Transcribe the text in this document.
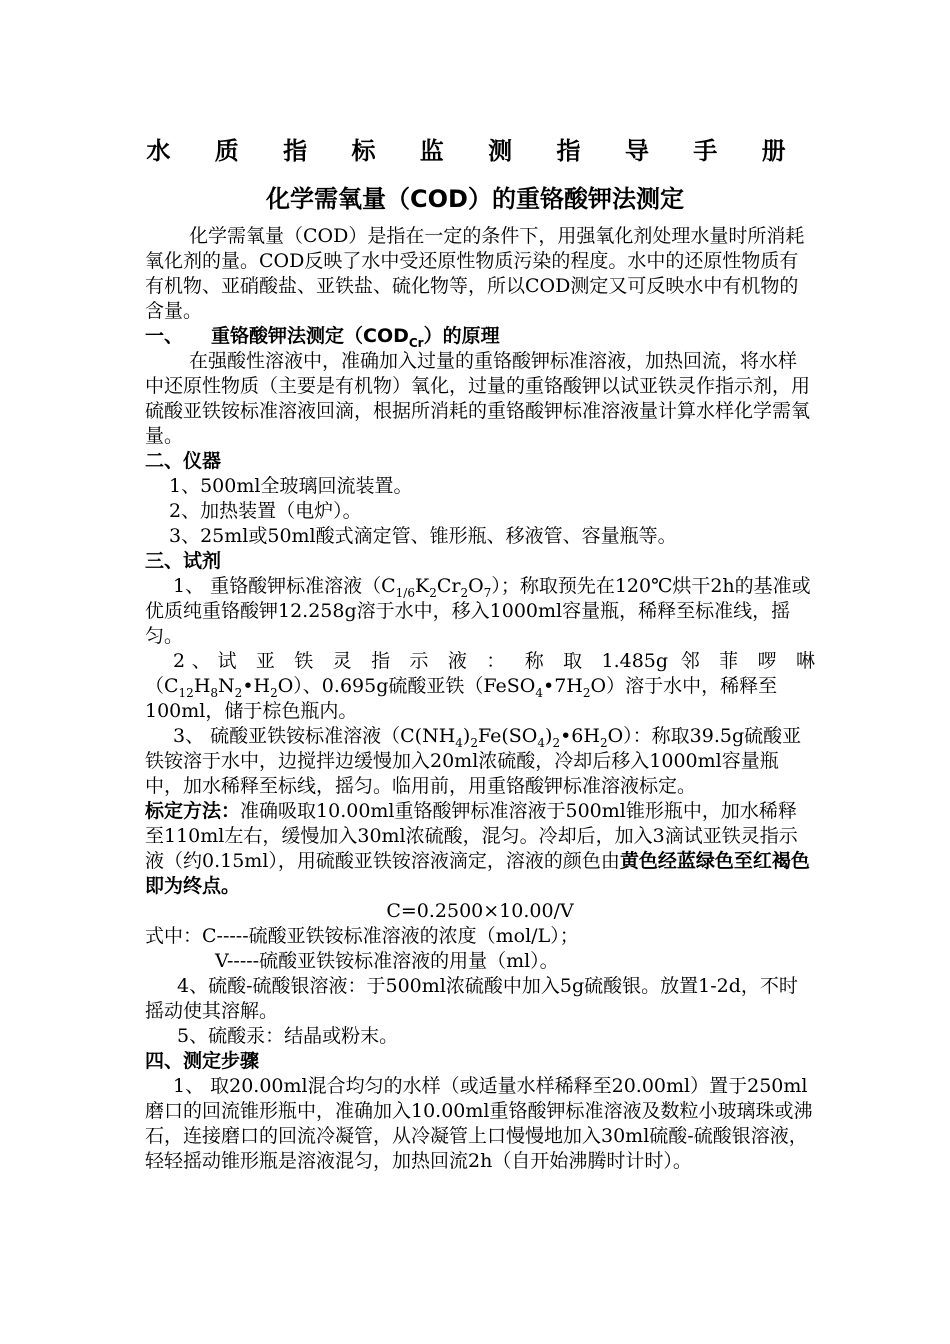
水 质 指 标 监 测 指 导 手 册
化学需氧量（COD）的重铬酸钾法测定

化学需氧量（COD）是指在一定的条件下，用强氧化剂处理水量时所消耗氧化剂的量。COD反映了水中受还原性物质污染的程度。水中的还原性物质有有机物、亚硝酸盐、亚铁盐、硫化物等，所以COD测定又可反映水中有机物的含量。

一、 重铬酸钾法测定$(COD_{Cr})$的原理

在强酸性溶液中，准确加入过量的重铬酸钾标准溶液，加热回流，将水样中还原性物质（主要是有机物）氧化，过量的重铬酸钾以试亚铁灵作指示剂，用硫酸亚铁铵标准溶液回滴，根据所消耗的重铬酸钾标准溶液量计算水样化学需氧量。

二、仪器

1、500ml全玻璃回流装置。

2、加热装置（电炉）。

3、25ml或50ml酸式滴定管、锥形瓶、移液管、容量瓶等。

三、试剂

1、 重铬酸钾标准溶液$(C_{1/6}K_2Cr_2O_7)$；称取预先在120℃烘干2h的基准或优质纯重铬酸钾12.258g溶于水中，移入1000ml容量瓶，稀释至标准线，摇匀。

2、试 亚 铁 灵 指 示 液 ： 称 取 1.485g 邻 菲 啰 啉

$(C_{12}H_8N_2•H_2O)$、0.695g硫酸亚铁$(FeSO_4•7H_2O)$溶于水中，稀释至100ml，储于棕色瓶内。

3、 硫酸亚铁铵标准溶液$(C(NH_4)_2Fe(SO_4)_2•6H_2O)$：称取39.5g硫酸亚铁铵溶于水中，边搅拌边缓慢加入20ml浓硫酸，冷却后移入1000ml容量瓶中，加水稀释至标线，摇匀。临用前，用重铬酸钾标准溶液标定。

标定方法：准确吸取10.00ml重铬酸钾标准溶液于500ml锥形瓶中，加水稀释至110ml左右，缓慢加入30ml浓硫酸，混匀。冷却后，加入3滴试亚铁灵指示液（约0.15ml），用硫酸亚铁铵溶液滴定，溶液的颜色由黄色经蓝绿色至红褐色即为终点。

C=0.2500×10.00/V

式中：C-----硫酸亚铁铵标准溶液的浓度（mol/L）；

V-----硫酸亚铁铵标准溶液的用量（ml）。

4、硫酸-硫酸银溶液：于500ml浓硫酸中加入5g硫酸银。放置1-2d，不时摇动使其溶解。

5、硫酸汞：结晶或粉末。

四、测定步骤

1、 取20.00ml混合均匀的水样（或适量水样稀释至20.00ml）置于250ml磨口的回流锥形瓶中，准确加入10.00ml重铬酸钾标准溶液及数粒小玻璃珠或沸石，连接磨口的回流冷凝管，从冷凝管上口慢慢地加入30ml硫酸-硫酸银溶液，轻轻摇动锥形瓶是溶液混匀，加热回流2h（自开始沸腾时计时）。
